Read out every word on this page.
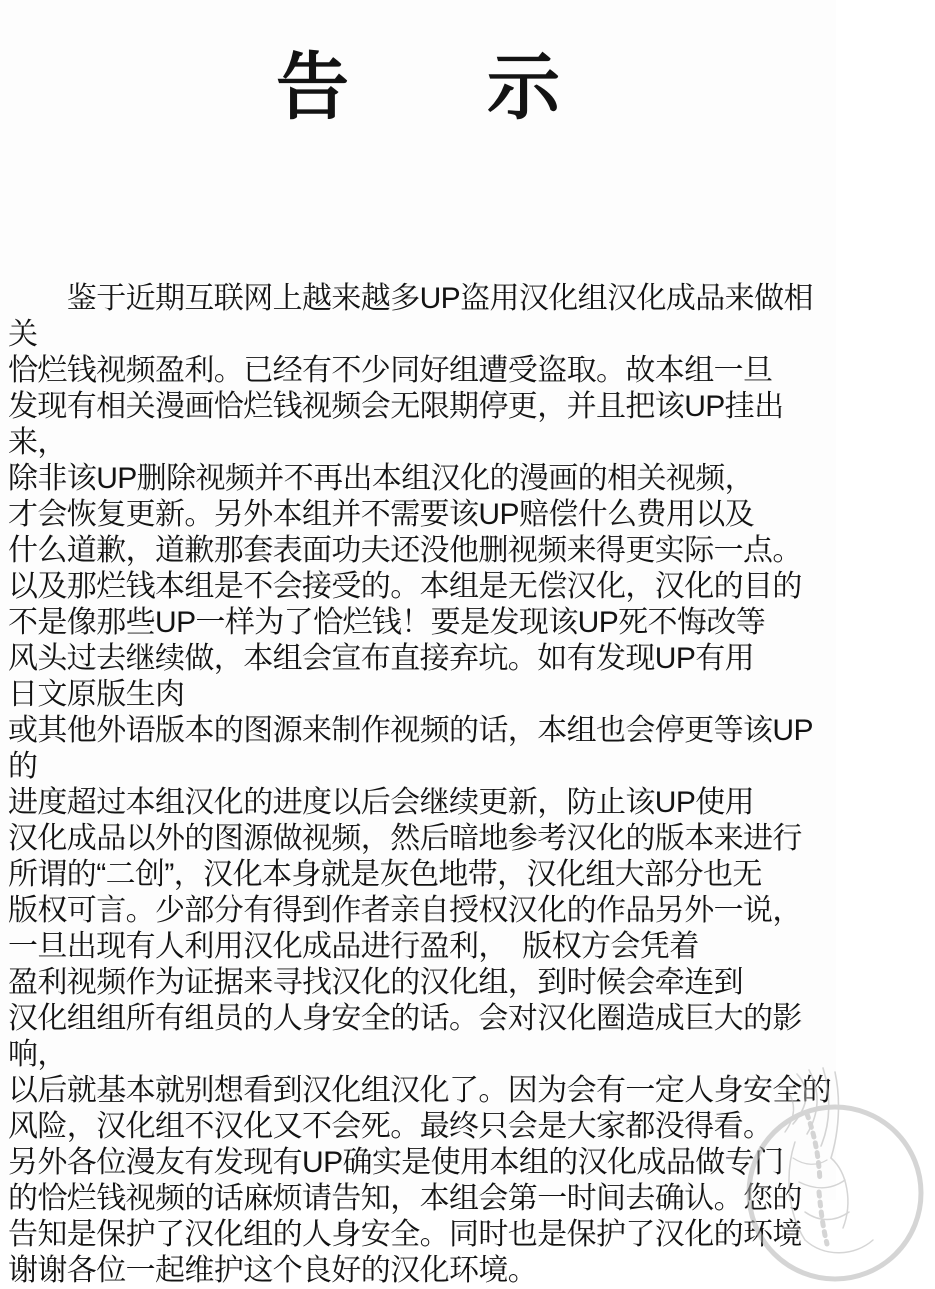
告 示
　　鉴于近期互联网上越来越多UP盗用汉化组汉化成品来做相关
恰烂钱视频盈利。已经有不少同好组遭受盗取。故本组一旦
发现有相关漫画恰烂钱视频会无限期停更，并且把该UP挂出来，
除非该UP删除视频并不再出本组汉化的漫画的相关视频，
才会恢复更新。另外本组并不需要该UP赔偿什么费用以及
什么道歉，道歉那套表面功夫还没他删视频来得更实际一点。
以及那烂钱本组是不会接受的。本组是无偿汉化，汉化的目的
不是像那些UP一样为了恰烂钱！要是发现该UP死不悔改等
风头过去继续做，本组会宣布直接弃坑。如有发现UP有用
日文原版生肉
或其他外语版本的图源来制作视频的话，本组也会停更等该UP的
进度超过本组汉化的进度以后会继续更新，防止该UP使用
汉化成品以外的图源做视频，然后暗地参考汉化的版本来进行
所谓的“二创”，汉化本身就是灰色地带，汉化组大部分也无
版权可言。少部分有得到作者亲自授权汉化的作品另外一说，
一旦出现有人利用汉化成品进行盈利，　版权方会凭着
盈利视频作为证据来寻找汉化的汉化组，到时候会牵连到
汉化组组所有组员的人身安全的话。会对汉化圈造成巨大的影响，
以后就基本就别想看到汉化组汉化了。因为会有一定人身安全的
风险，汉化组不汉化又不会死。最终只会是大家都没得看。
另外各位漫友有发现有UP确实是使用本组的汉化成品做专门
的恰烂钱视频的话麻烦请告知，本组会第一时间去确认。您的
告知是保护了汉化组的人身安全。同时也是保护了汉化的环境
谢谢各位一起维护这个良好的汉化环境。
